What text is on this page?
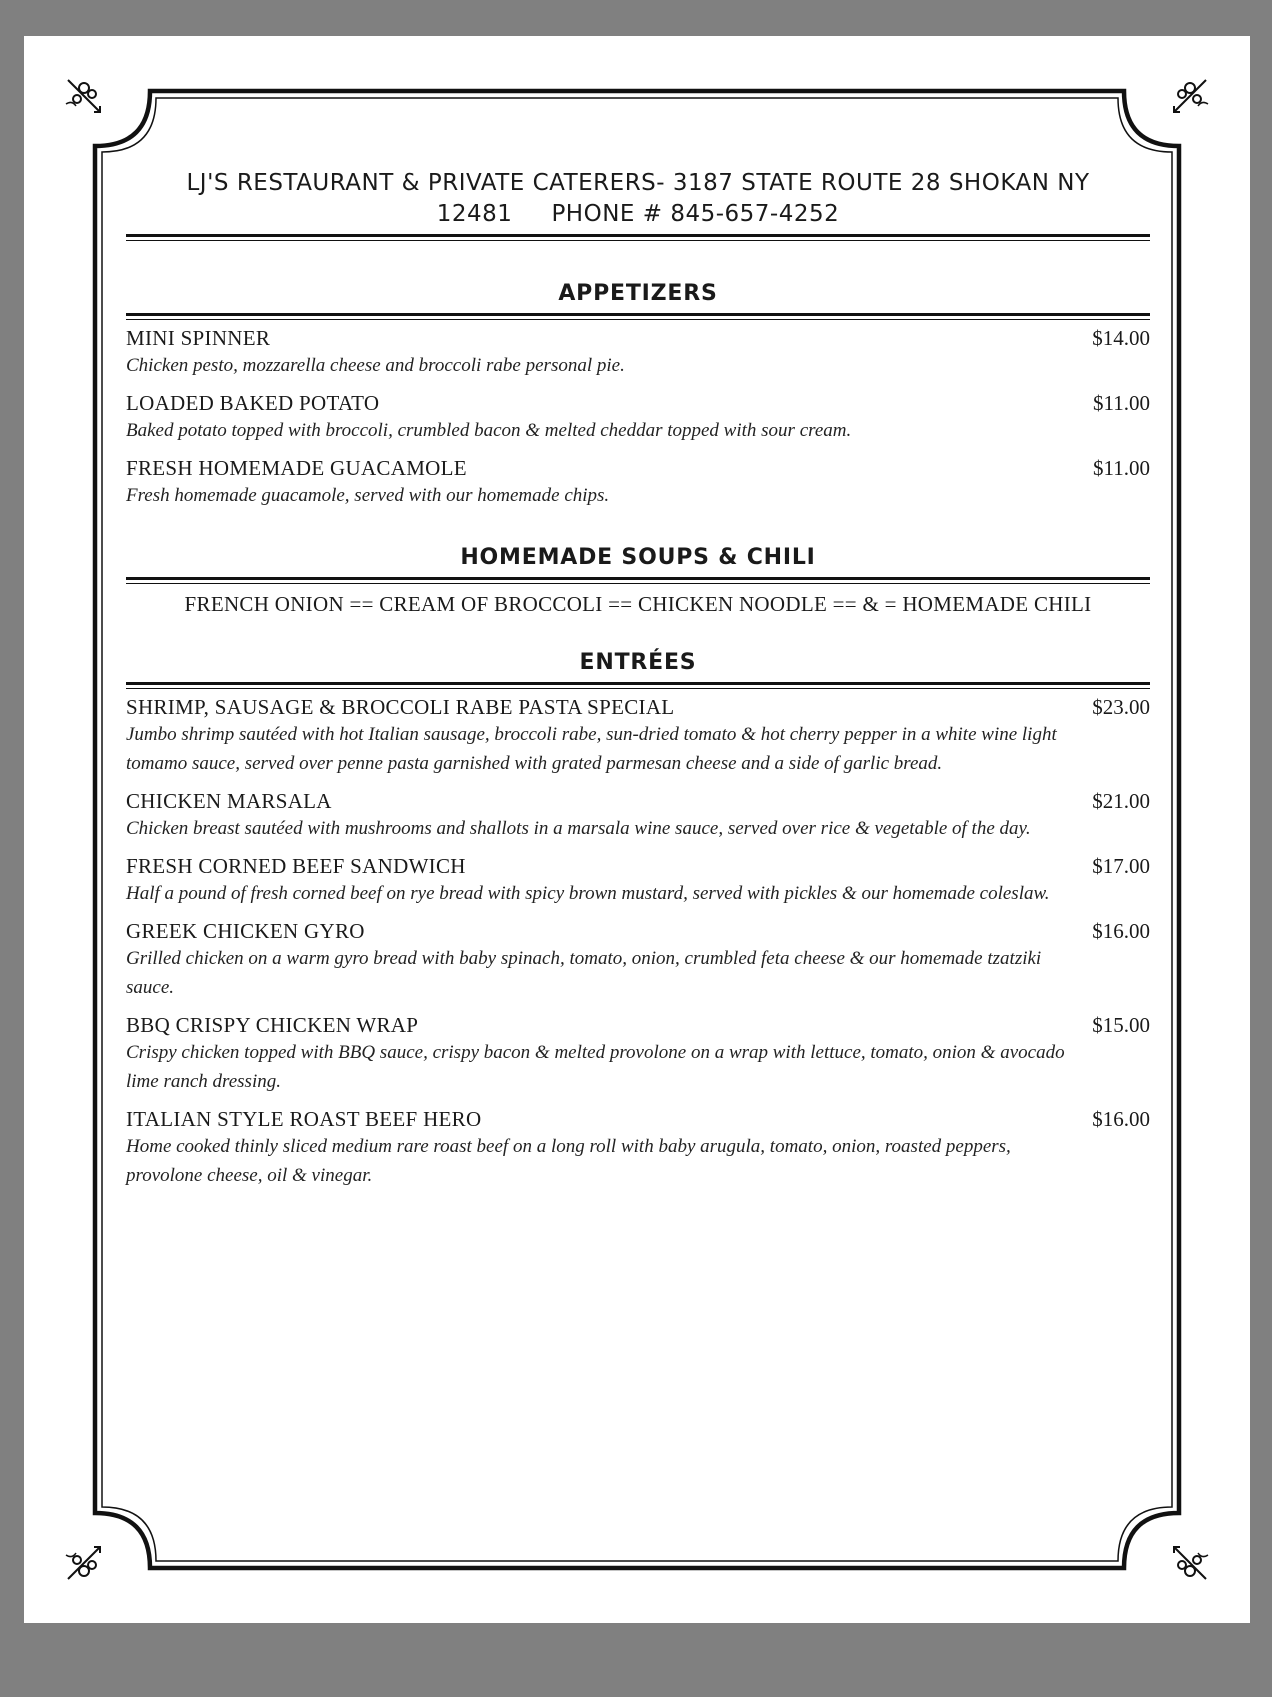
LJ'S RESTAURANT & PRIVATE CATERERS- 3187 STATE ROUTE 28 SHOKAN NY 12481 PHONE # 845-657-4252
APPETIZERS
MINI SPINNER	$14.00
Chicken pesto, mozzarella cheese and broccoli rabe personal pie.
LOADED BAKED POTATO	$11.00
Baked potato topped with broccoli, crumbled bacon & melted cheddar topped with sour cream.
FRESH HOMEMADE GUACAMOLE	$11.00
Fresh homemade guacamole, served with our homemade chips.
HOMEMADE SOUPS & CHILI
FRENCH ONION == CREAM OF BROCCOLI == CHICKEN NOODLE == & = HOMEMADE CHILI
ENTRÉES
SHRIMP, SAUSAGE & BROCCOLI RABE PASTA SPECIAL	$23.00
Jumbo shrimp sautéed with hot Italian sausage, broccoli rabe, sun-dried tomato & hot cherry pepper in a white wine light tomamo sauce, served over penne pasta garnished with grated parmesan cheese and a side of garlic bread.
CHICKEN MARSALA	$21.00
Chicken breast sautéed with mushrooms and shallots in a marsala wine sauce, served over rice & vegetable of the day.
FRESH CORNED BEEF SANDWICH	$17.00
Half a pound of fresh corned beef on rye bread with spicy brown mustard, served with pickles & our homemade coleslaw.
GREEK CHICKEN GYRO	$16.00
Grilled chicken on a warm gyro bread with baby spinach, tomato, onion, crumbled feta cheese & our homemade tzatziki sauce.
BBQ CRISPY CHICKEN WRAP	$15.00
Crispy chicken topped with BBQ sauce, crispy bacon & melted provolone on a wrap with lettuce, tomato, onion & avocado lime ranch dressing.
ITALIAN STYLE ROAST BEEF HERO	$16.00
Home cooked thinly sliced medium rare roast beef on a long roll with baby arugula, tomato, onion, roasted peppers, provolone cheese, oil & vinegar.
